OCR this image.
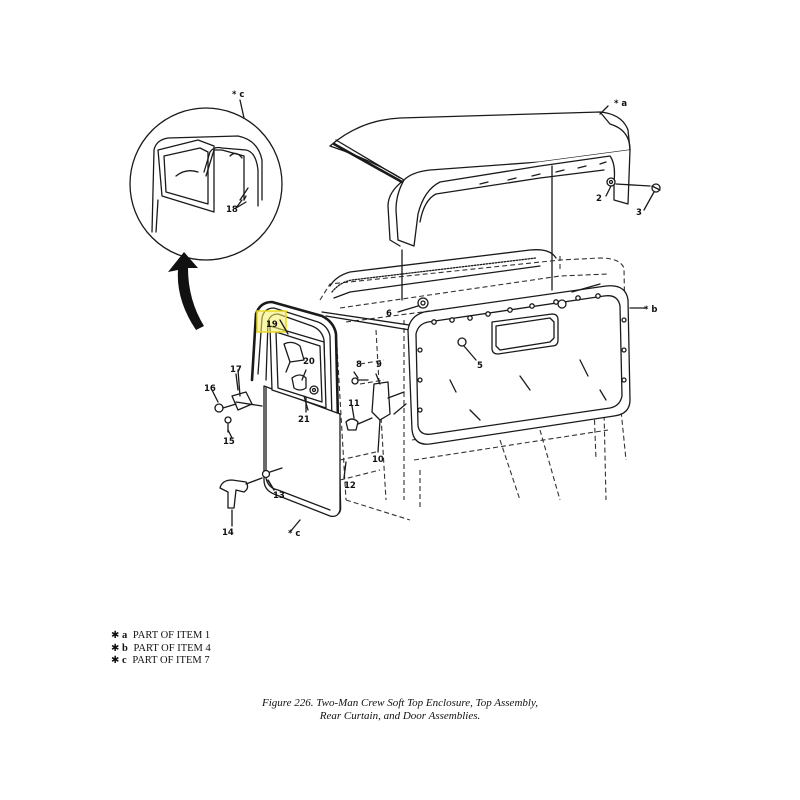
* c
* a
* b
* c
2
3
5
6
8 9
10
11
12
13
14
15
16
17
18
19
20
21
✱ a PART OF ITEM 1
✱ b PART OF ITEM 4
✱ c PART OF ITEM 7
Figure 226. Two-Man Crew Soft Top Enclosure, Top Assembly,
Rear Curtain, and Door Assemblies.
